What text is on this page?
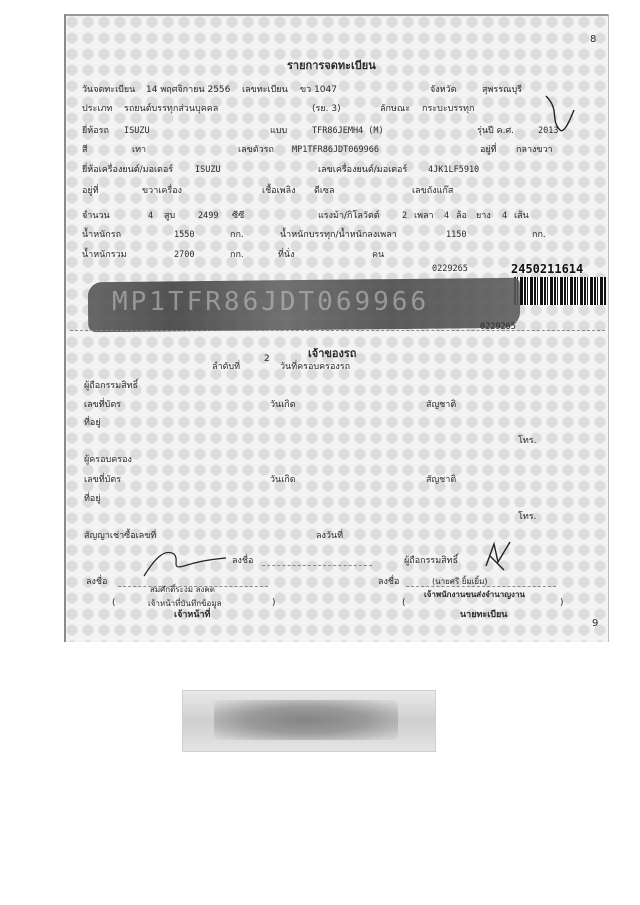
8
รายการจดทะเบียน
วันจดทะเบียน 14 พฤศจิกายน 2556 เลขทะเบียน ขว 1047	จังหวัด	สุพรรณบุรี
ประเภท รถยนต์บรรทุกส่วนบุคคล	(รย. 3)	ลักษณะ กระบะบรรทุก
ยี่ห้อรถ ISUZU	แบบ	TFR86JEMH4 (M)	รุ่นปี ค.ศ.	2013
สี	เทา	เลขตัวรถ MP1TFR86JDT069966	อยู่ที่ กลางขวา
ยี่ห้อเครื่องยนต์/มอเตอร์	ISUZU	เลขเครื่องยนต์/มอเตอร์ 4JK1LF5910
อยู่ที่	ขวาเครื่อง	เชื้อเพลิง ดีเซล	เลขถังแก๊ส
จำนวน	4 สูบ	2499 ซีซี	แรงม้า/กิโลวัตต์	2 เพลา 4 ล้อ ยาง 4 เส้น
น้ำหนักรถ	1550	กก.	น้ำหนักบรรทุก/น้ำหนักลงเพลา	1150	กก.
น้ำหนักรวม	2700	กก.	ที่นั่ง	คน
0229265	2450211614
MP1TFR86JDT069966
0229265
เจ้าของรถ
ลำดับที่
2
วันที่ครอบครองรถ
ผู้ถือกรรมสิทธิ์
เลขที่บัตร	วันเกิด	สัญชาติ
ที่อยู่
โทร.
ผู้ครอบครอง
เลขที่บัตร	วันเกิด	สัญชาติ
ที่อยู่
โทร.
สัญญาเช่าซื้อเลขที่	ลงวันที่
ลงชื่อ	ผู้ถือกรรมสิทธิ์
ลงชื่อ
สมศักดิ์ระงม ลงคต
เจ้าหน้าที่บันทึกข้อมูล
(	)
เจ้าหน้าที่
ลงชื่อ	(นายศรี ยิ้มเยิ้ม)
เจ้าพนักงานขนส่งจำนาญงาน
(	)
นายทะเบียน
9
